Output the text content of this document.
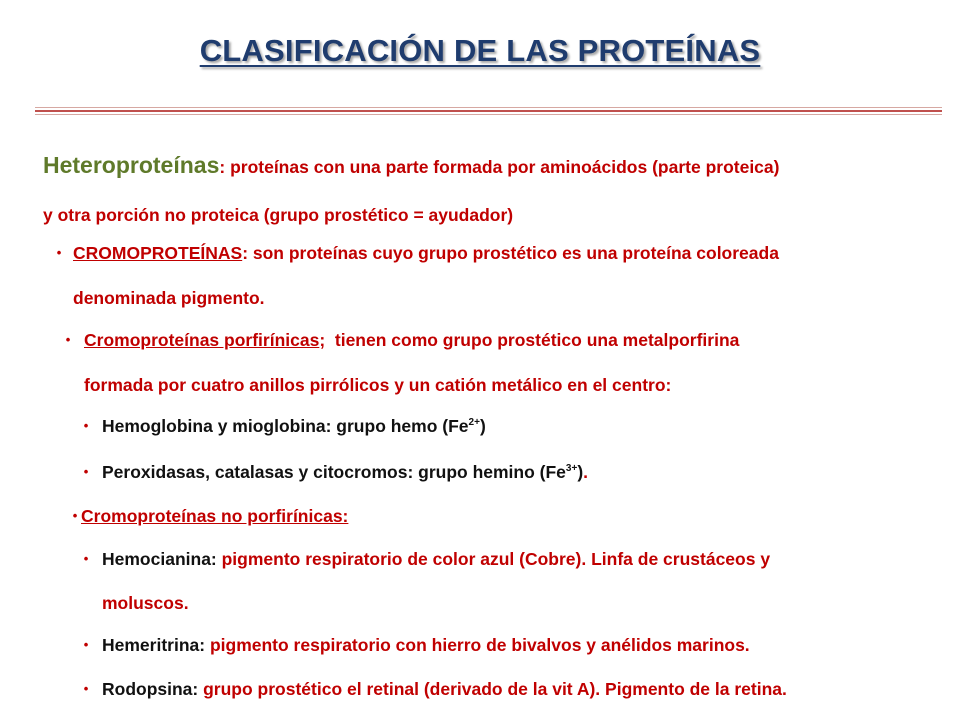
CLASIFICACIÓN DE LAS PROTEÍNAS
Heteroproteínas: proteínas con una parte formada por aminoácidos (parte proteica)
y otra porción no proteica (grupo prostético = ayudador)
• CROMOPROTEÍNAS: son proteínas cuyo grupo prostético es una proteína coloreada
denominada pigmento.
• Cromoproteínas porfirínicas;  tienen como grupo prostético una metalporfirina
formada por cuatro anillos pirrólicos y un catión metálico en el centro:
• Hemoglobina y mioglobina: grupo hemo $(Fe^{2+})$
• Peroxidasas, catalasas y citocromos: grupo hemino $(Fe^{3+})$.
• Cromoproteínas no porfirínicas:
• Hemocianina: pigmento respiratorio de color azul (Cobre). Linfa de crustáceos y
moluscos.
• Hemeritrina: pigmento respiratorio con hierro de bivalvos y anélidos marinos.
• Rodopsina: grupo prostético el retinal (derivado de la vit A). Pigmento de la retina.
